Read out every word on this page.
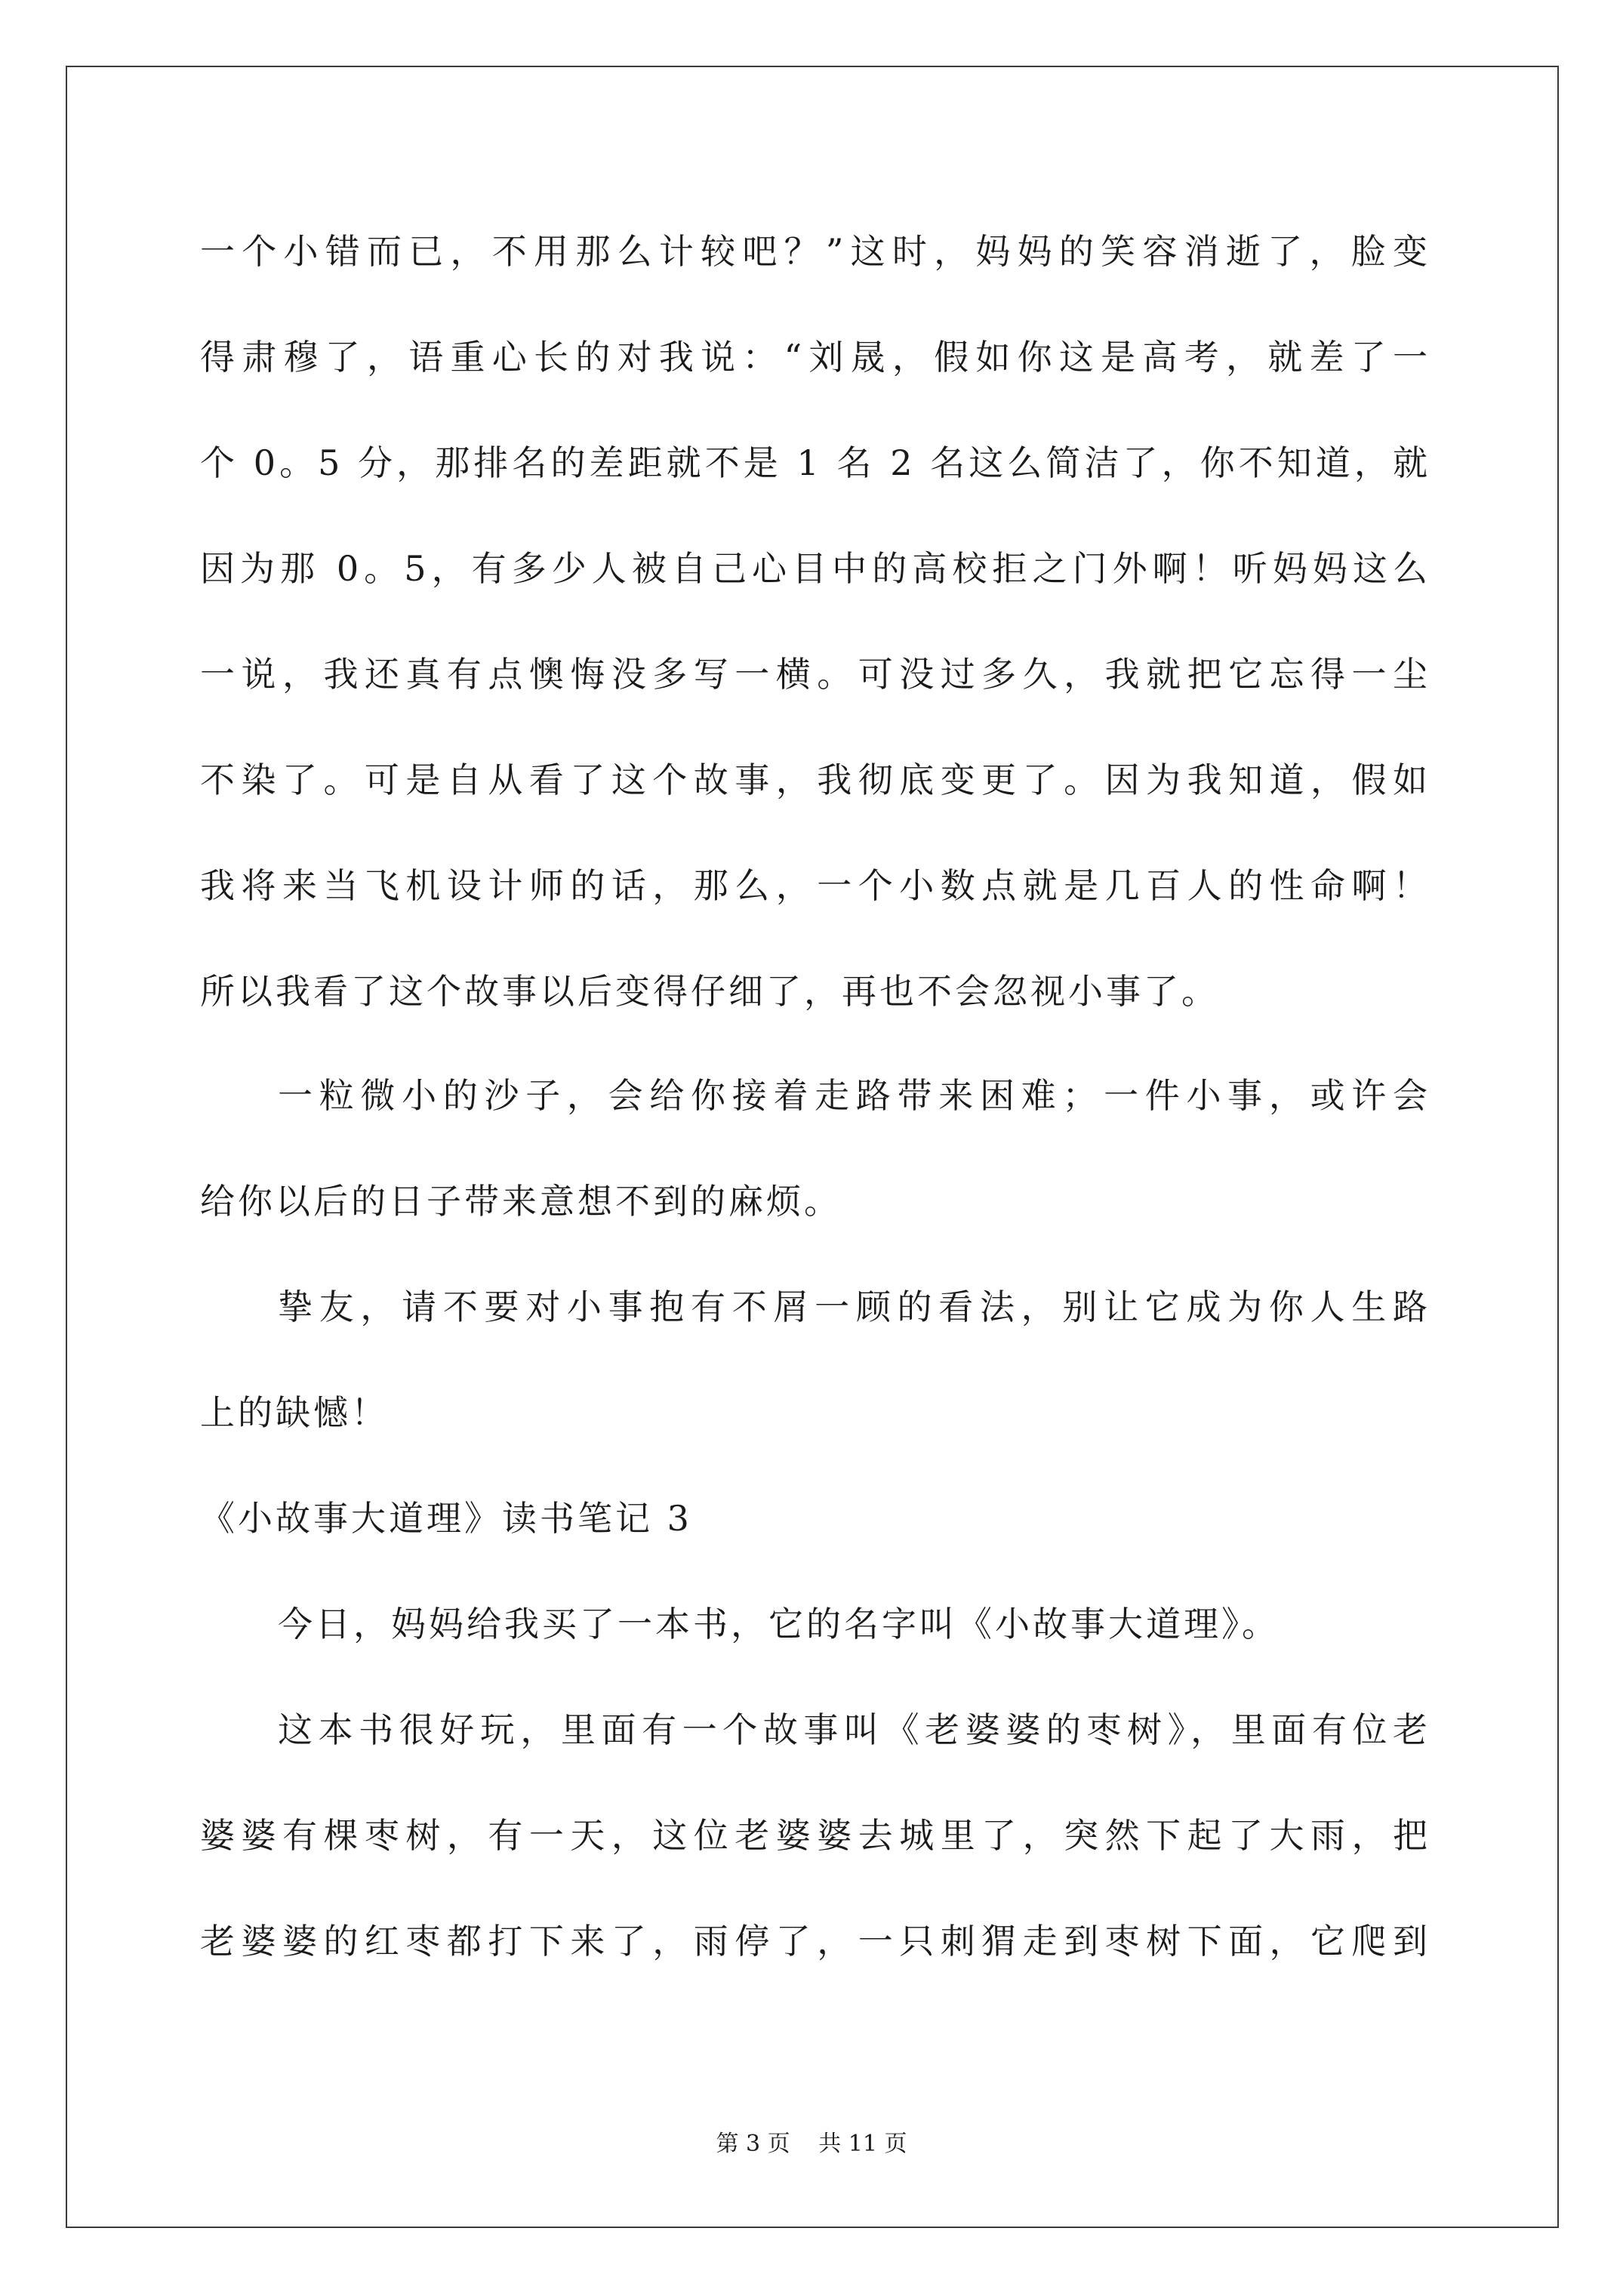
一个小错而已，不用那么计较吧？”这时，妈妈的笑容消逝了，脸变
得肃穆了，语重心长的对我说：“刘晟，假如你这是高考，就差了一
个 0。5 分，那排名的差距就不是 1 名 2 名这么简洁了，你不知道，就
因为那 0。5，有多少人被自己心目中的高校拒之门外啊！听妈妈这么
一说，我还真有点懊悔没多写一横。可没过多久，我就把它忘得一尘
不染了。可是自从看了这个故事，我彻底变更了。因为我知道，假如
我将来当飞机设计师的话，那么，一个小数点就是几百人的性命啊！
所以我看了这个故事以后变得仔细了，再也不会忽视小事了。
一粒微小的沙子，会给你接着走路带来困难；一件小事，或许会
给你以后的日子带来意想不到的麻烦。
挚友，请不要对小事抱有不屑一顾的看法，别让它成为你人生路
上的缺憾！
《小故事大道理》读书笔记 3
今日，妈妈给我买了一本书，它的名字叫《小故事大道理》。
这本书很好玩，里面有一个故事叫《老婆婆的枣树》，里面有位老
婆婆有棵枣树，有一天，这位老婆婆去城里了，突然下起了大雨，把
老婆婆的红枣都打下来了，雨停了，一只刺猬走到枣树下面，它爬到
第 3 页 共 11 页
